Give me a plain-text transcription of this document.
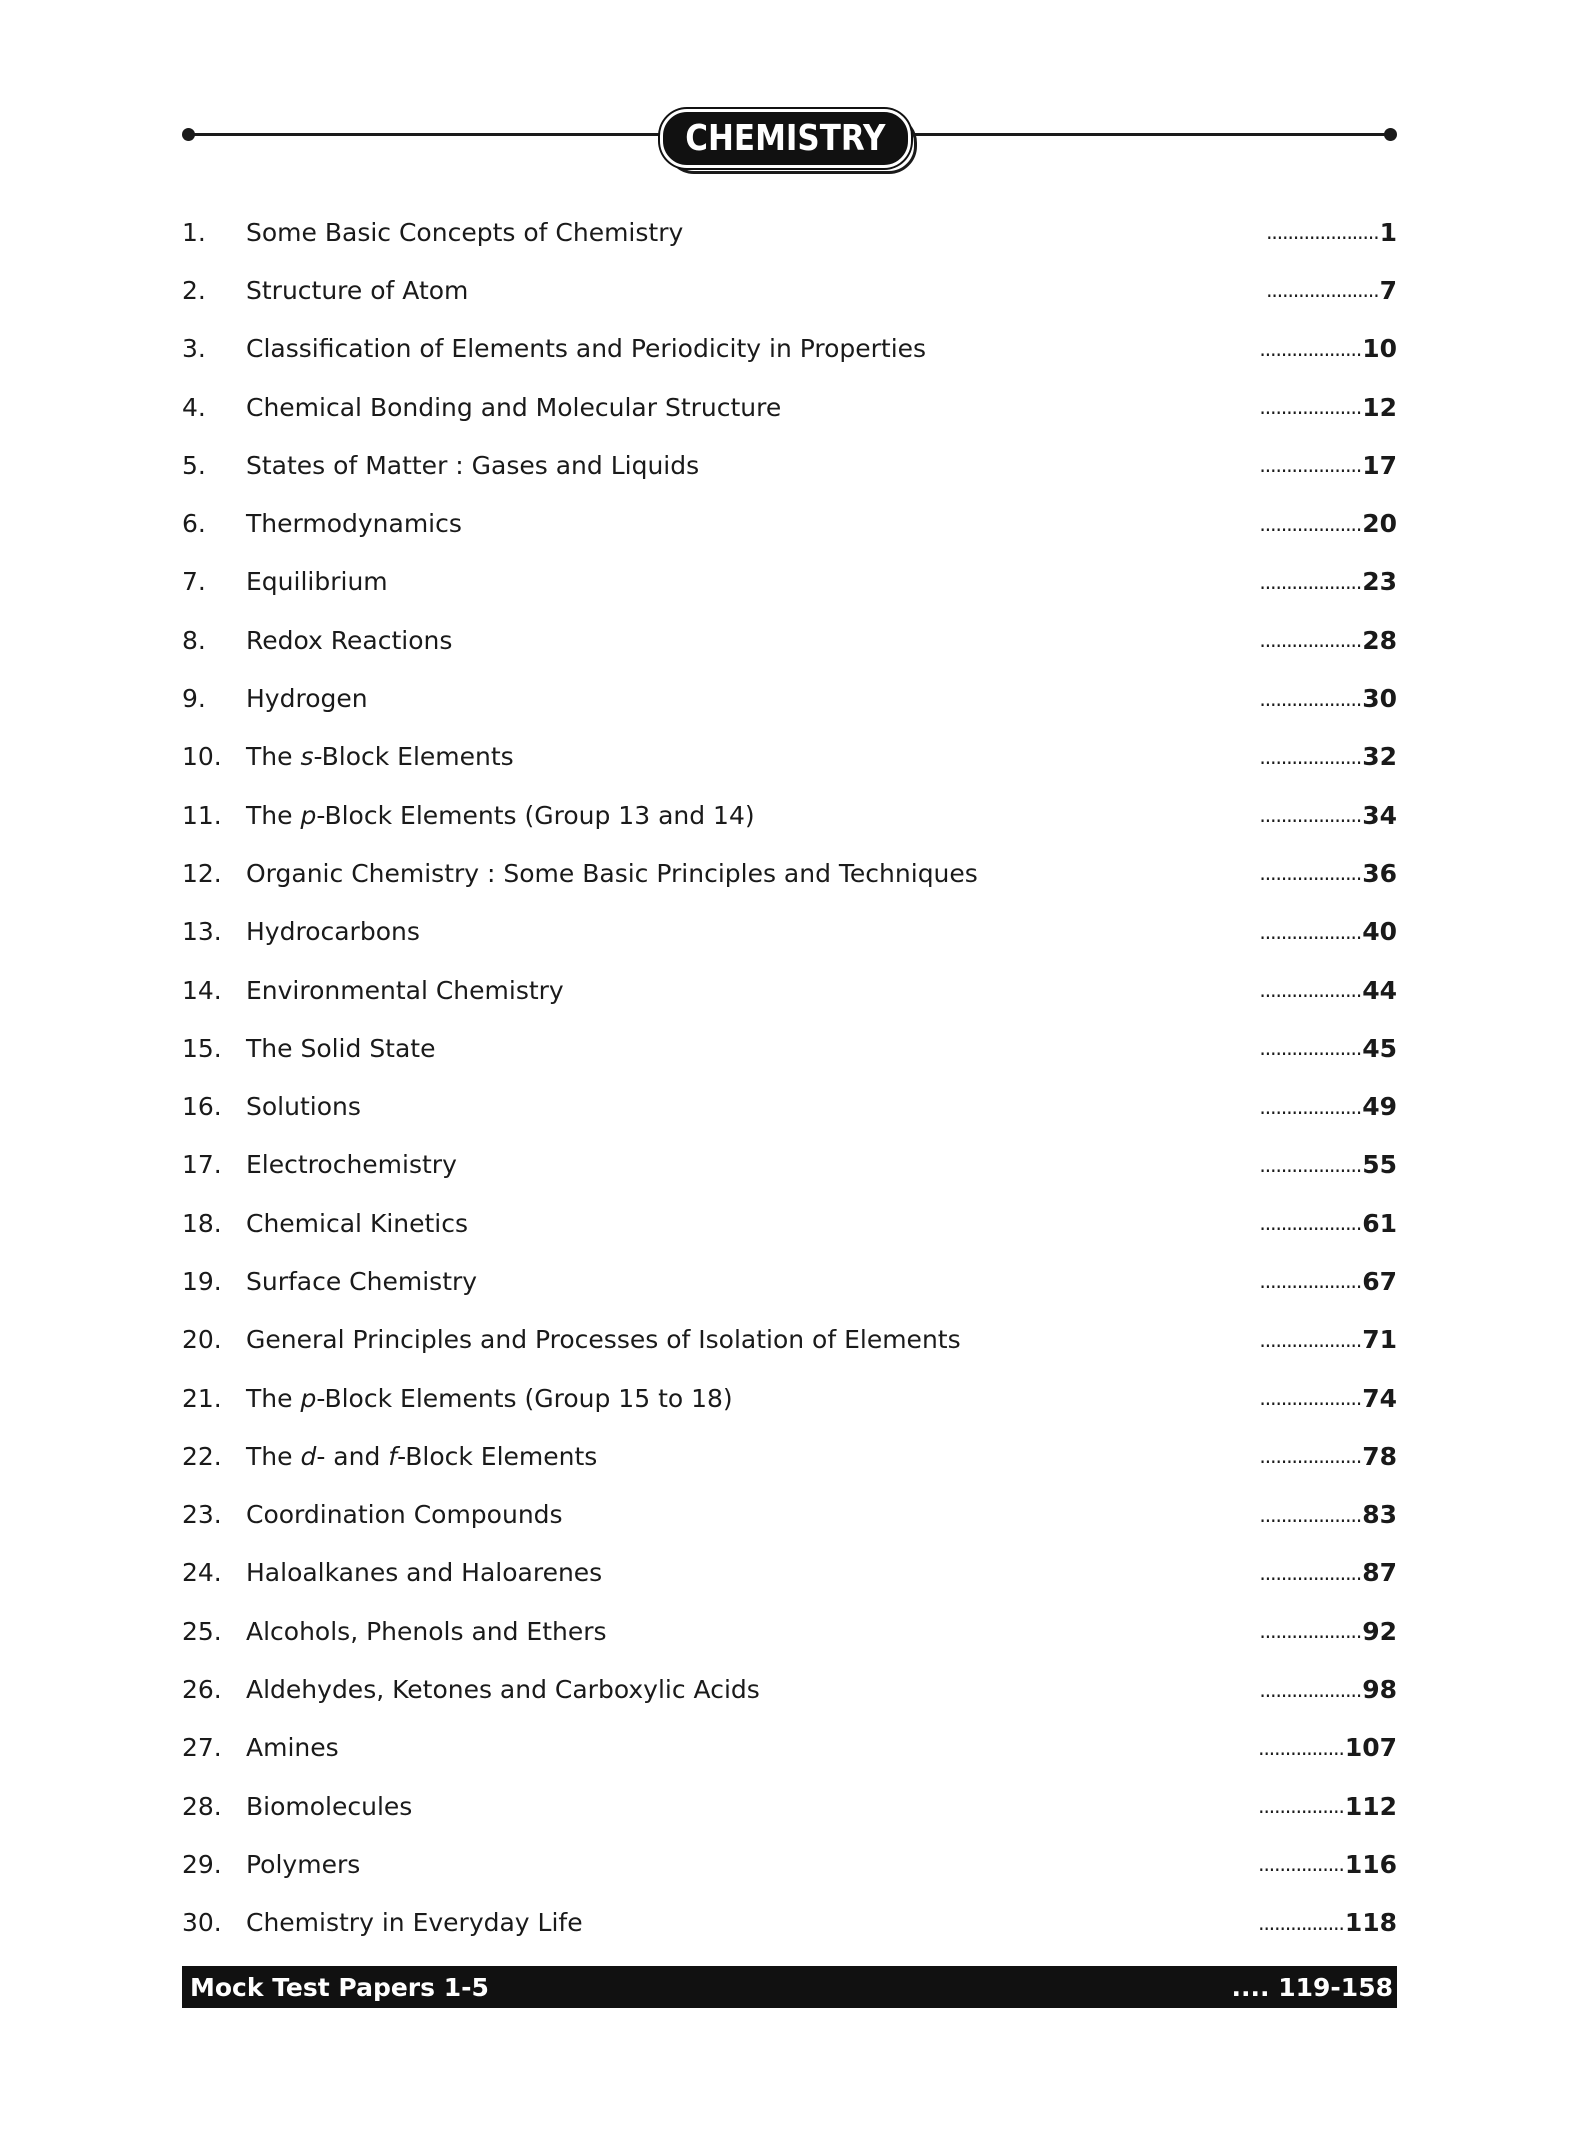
CHEMISTRY
1.	Some Basic Concepts of Chemistry	..................... 1
2.	Structure of Atom	..................... 7
3.	Classification of Elements and Periodicity in Properties	................... 10
4.	Chemical Bonding and Molecular Structure	................... 12
5.	States of Matter : Gases and Liquids	................... 17
6.	Thermodynamics	................... 20
7.	Equilibrium	................... 23
8.	Redox Reactions	................... 28
9.	Hydrogen	................... 30
10. The s-Block Elements	................... 32
11. The p-Block Elements (Group 13 and 14)	................... 34
12. Organic Chemistry : Some Basic Principles and Techniques	................... 36
13. Hydrocarbons	................... 40
14. Environmental Chemistry	................... 44
15. The Solid State	................... 45
16. Solutions	................... 49
17. Electrochemistry	................... 55
18. Chemical Kinetics	................... 61
19. Surface Chemistry	................... 67
20. General Principles and Processes of Isolation of Elements	................... 71
21. The p-Block Elements (Group 15 to 18)	................... 74
22. The d- and f-Block Elements	................... 78
23. Coordination Compounds	................... 83
24. Haloalkanes and Haloarenes	................... 87
25. Alcohols, Phenols and Ethers	................... 92
26. Aldehydes, Ketones and Carboxylic Acids	................... 98
27. Amines	................ 107
28. Biomolecules	................ 112
29. Polymers	................ 116
30. Chemistry in Everyday Life	................ 118
Mock Test Papers 1-5	.... 119-158
